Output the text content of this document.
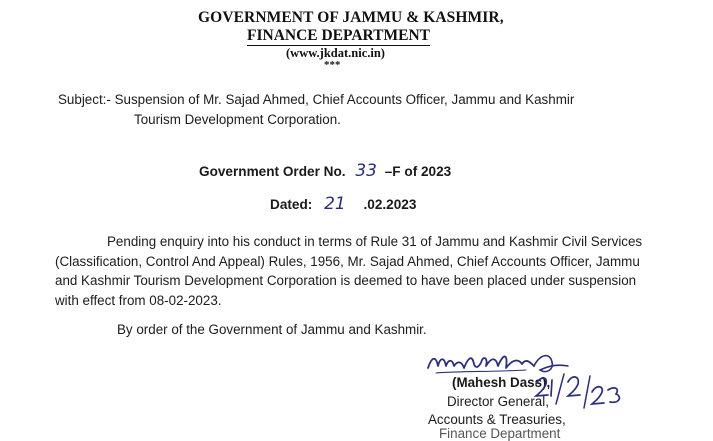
GOVERNMENT OF JAMMU & KASHMIR,
FINANCE DEPARTMENT
(www.jkdat.nic.in)
***
Subject:- Suspension of Mr. Sajad Ahmed, Chief Accounts Officer, Jammu and Kashmir
Tourism Development Corporation.
Government Order No. 33 –F of 2023
Dated: 21 .02.2023
Pending enquiry into his conduct in terms of Rule 31 of Jammu and Kashmir Civil Services (Classification, Control And Appeal) Rules, 1956, Mr. Sajad Ahmed, Chief Accounts Officer, Jammu and Kashmir Tourism Development Corporation is deemed to have been placed under suspension with effect from 08-02-2023.
By order of the Government of Jammu and Kashmir.
(Mahesh Dass),
Director General,
Accounts & Treasuries,
Finance Department
